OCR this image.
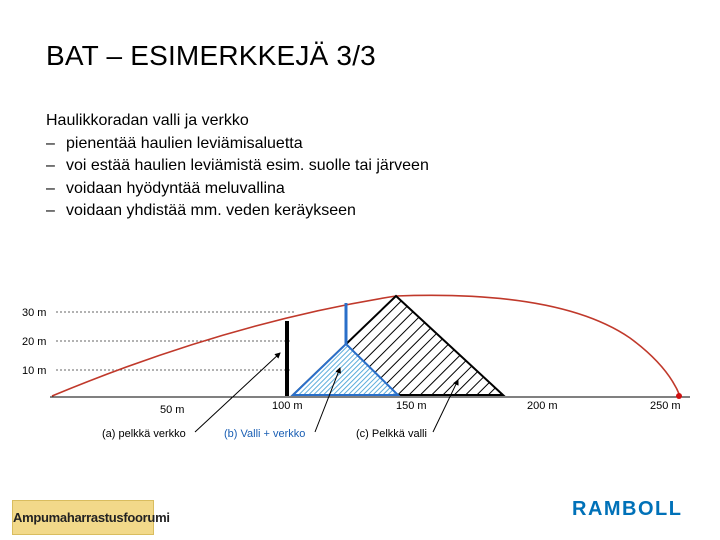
BAT – ESIMERKKEJÄ 3/3
Haulikkoradan valli ja verkko
– pienentää haulien leviämisaluetta
– voi estää haulien leviämistä esim. suolle tai järveen
– voidaan hyödyntää meluvallina
– voidaan yhdistää mm. veden keräykseen
30 m
20 m
10 m
50 m	100 m	150 m	200 m	250 m
(a) pelkkä verkko	(b) Valli + verkko	(c) Pelkkä valli
Ampumaharrastusfoorumi	RAMBOLL
